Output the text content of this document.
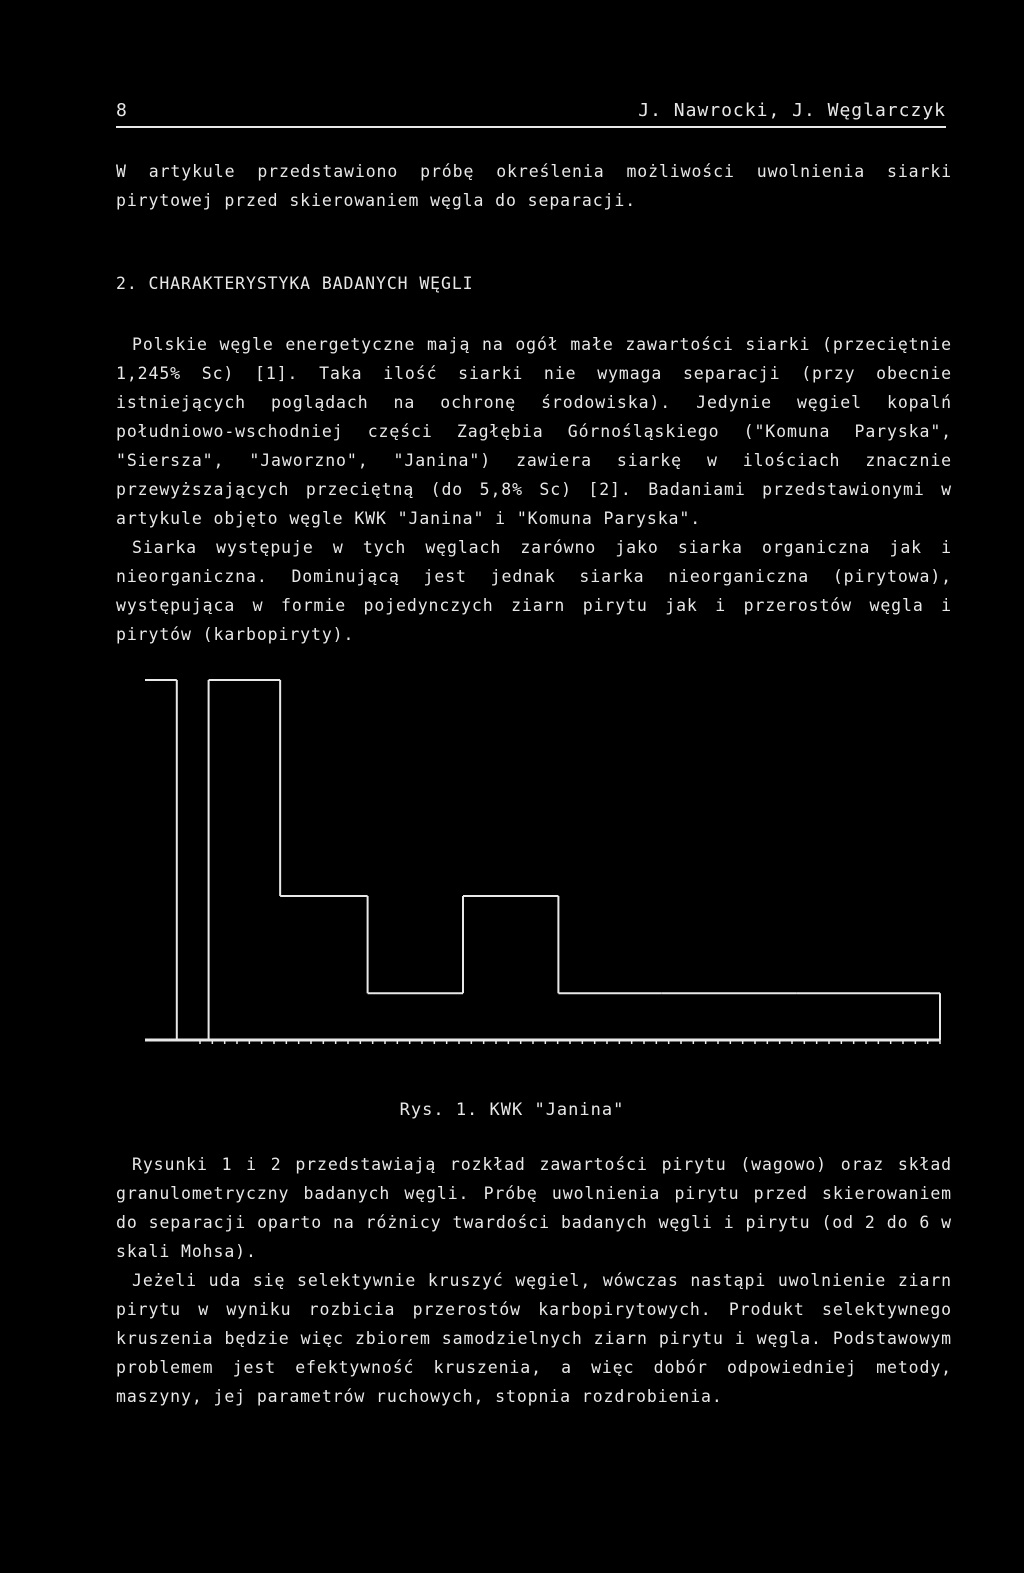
8	J. Nawrocki, J. Węglarczyk

W artykule przedstawiono próbę określenia możliwości uwolnienia siarki pirytowej przed skierowaniem węgla do separacji.

2. CHARAKTERYSTYKA BADANYCH WĘGLI

Polskie węgle energetyczne mają na ogół małe zawartości siarki (przeciętnie 1,245% Sc) [1]. Taka ilość siarki nie wymaga separacji (przy obecnie istniejących poglądach na ochronę środowiska). Jedynie węgiel kopalń południowo-wschodniej części Zagłębia Górnośląskiego ("Komuna Paryska", "Siersza", "Jaworzno", "Janina") zawiera siarkę w ilościach znacznie przewyższających przeciętną (do 5,8% Sc) [2]. Badaniami przedstawionymi w artykule objęto węgle KWK "Janina" i "Komuna Paryska".

Siarka występuje w tych węglach zarówno jako siarka organiczna jak i nieorganiczna. Dominującą jest jednak siarka nieorganiczna (pirytowa), występująca w formie pojedynczych ziarn pirytu jak i przerostów węgla i pirytów (karbopiryty).

Rys. 1. KWK "Janina"

Rysunki 1 i 2 przedstawiają rozkład zawartości pirytu (wagowo) oraz skład granulometryczny badanych węgli. Próbę uwolnienia pirytu przed skierowaniem do separacji oparto na różnicy twardości badanych węgli i pirytu (od 2 do 6 w skali Mohsa).

Jeżeli uda się selektywnie kruszyć węgiel, wówczas nastąpi uwolnienie ziarn pirytu w wyniku rozbicia przerostów karbopirytowych. Produkt selektywnego kruszenia będzie więc zbiorem samodzielnych ziarn pirytu i węgla. Podstawowym problemem jest efektywność kruszenia, a więc dobór odpowiedniej metody, maszyny, jej parametrów ruchowych, stopnia rozdrobienia.
